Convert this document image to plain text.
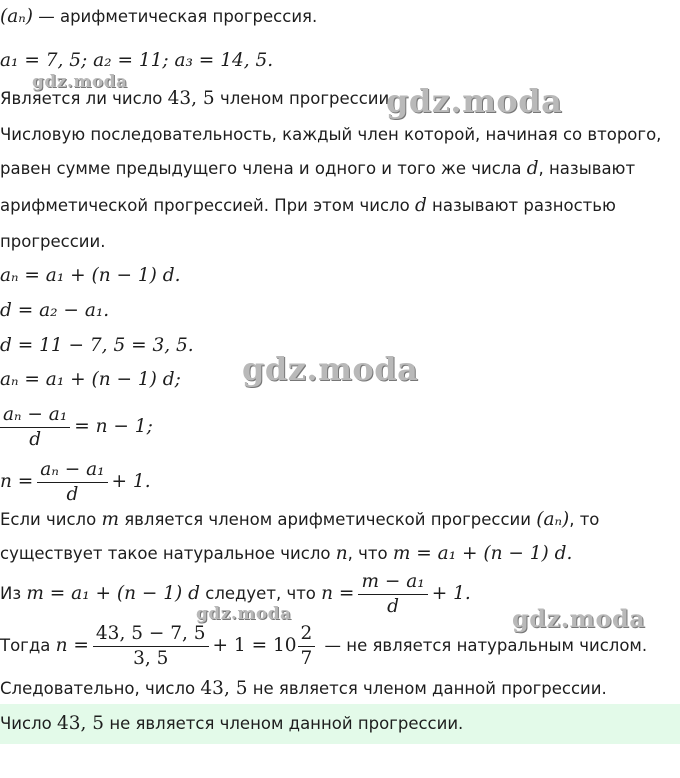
(aₙ) — арифметическая прогрессия.
a₁ = 7, 5; a₂ = 11; a₃ = 14, 5.
Является ли число 43, 5 членом прогрессии.
Числовую последовательность, каждый член которой, начиная со второго,
равен сумме предыдущего члена и одного и того же числа d, называют
арифметической прогрессией. При этом число d называют разностью
прогрессии.
aₙ = a₁ + (n − 1) d.
d = a₂ − a₁.
d = 11 − 7, 5 = 3, 5.
aₙ = a₁ + (n − 1) d;
$\frac{\text{aₙ − a₁}}{d} = n - 1$;
$n = \frac{\text{aₙ − a₁}}{d} + 1$.
Если число m является членом арифметической прогрессии (aₙ), то
существует такое натуральное число n, что m = a₁ + (n − 1) d.
Из m = a₁ + (n − 1) d следует, что $n = \frac{\text{m − a₁}}{d} + 1$.
Тогда $n = \frac{43, 5 - 7, 5}{3, 5} + 1 = 10 \frac{2}{7}$ — не является натуральным числом.
Следовательно, число 43, 5 не является членом данной прогрессии.
Число 43, 5 не является членом данной прогрессии.
gdz.moda	gdz.moda
gdz.moda
gdz.moda	gdz.moda
